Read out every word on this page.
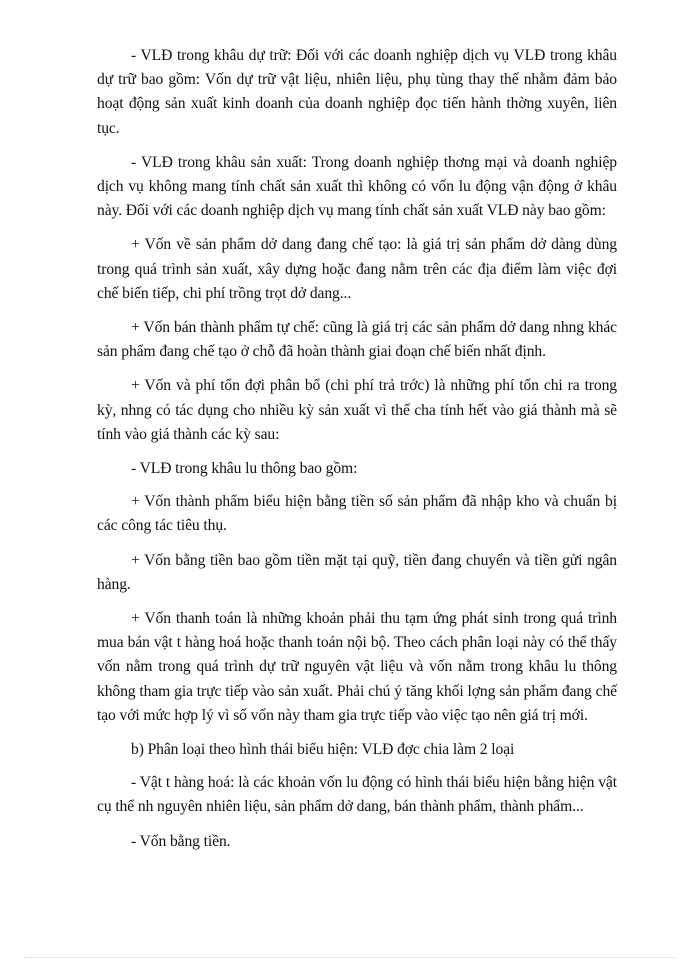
- VLĐ trong khâu dự trữ: Đối với các doanh nghiệp dịch vụ VLĐ trong khâu dự trữ bao gồm: Vốn dự trữ vật liệu, nhiên liệu, phụ tùng thay thế nhằm đảm bảo hoạt động sản xuất kinh doanh của doanh nghiệp đọc tiến hành thờng xuyên, liên tục.

- VLĐ trong khâu sản xuất: Trong doanh nghiệp thơng mại và doanh nghiệp dịch vụ không mang tính chất sản xuất thì không có vốn lu động vận động ở khâu này. Đối với các doanh nghiệp dịch vụ mang tính chất sản xuất VLĐ này bao gồm:

+ Vốn về sản phẩm dở dang đang chế tạo: là giá trị sản phẩm dở dàng dùng trong quá trình sản xuất, xây dựng hoặc đang nằm trên các địa điểm làm việc đợi chế biến tiếp, chi phí trồng trọt dở dang...

+ Vốn bán thành phẩm tự chế: cũng là giá trị các sản phẩm dở dang nhng khác sản phẩm đang chế tạo ở chỗ đã hoàn thành giai đoạn chế biến nhất định.

+ Vốn và phí tổn đợi phân bổ (chi phí trả trớc) là những phí tổn chi ra trong kỳ, nhng có tác dụng cho nhiều kỳ sản xuất vì thế cha tính hết vào giá thành mà sẽ tính vào giá thành các kỳ sau:

- VLĐ trong khâu lu thông bao gồm:

+ Vốn thành phẩm biểu hiện bằng tiền số sản phẩm đã nhập kho và chuẩn bị các công tác tiêu thụ.

+ Vốn bằng tiền bao gồm tiền mặt tại quỹ, tiền đang chuyển và tiền gửi ngân hàng.

+ Vốn thanh toán là những khoản phải thu tạm ứng phát sinh trong quá trình mua bán vật t hàng hoá hoặc thanh toán nội bộ. Theo cách phân loại này có thể thấy vốn nằm trong quá trình dự trữ nguyên vật liệu và vốn nằm trong khâu lu thông không tham gia trực tiếp vào sản xuất. Phải chú ý tăng khối lợng sản phẩm đang chế tạo với mức hợp lý vì số vốn này tham gia trực tiếp vào việc tạo nên giá trị mới.

b) Phân loại theo hình thái biểu hiện: VLĐ đợc chia làm 2 loại

- Vật t hàng hoá: là các khoản vốn lu động có hình thái biểu hiện bằng hiện vật cụ thể nh nguyên nhiên liệu, sản phẩm dở dang, bán thành phẩm, thành phẩm...

- Vốn bằng tiền.
